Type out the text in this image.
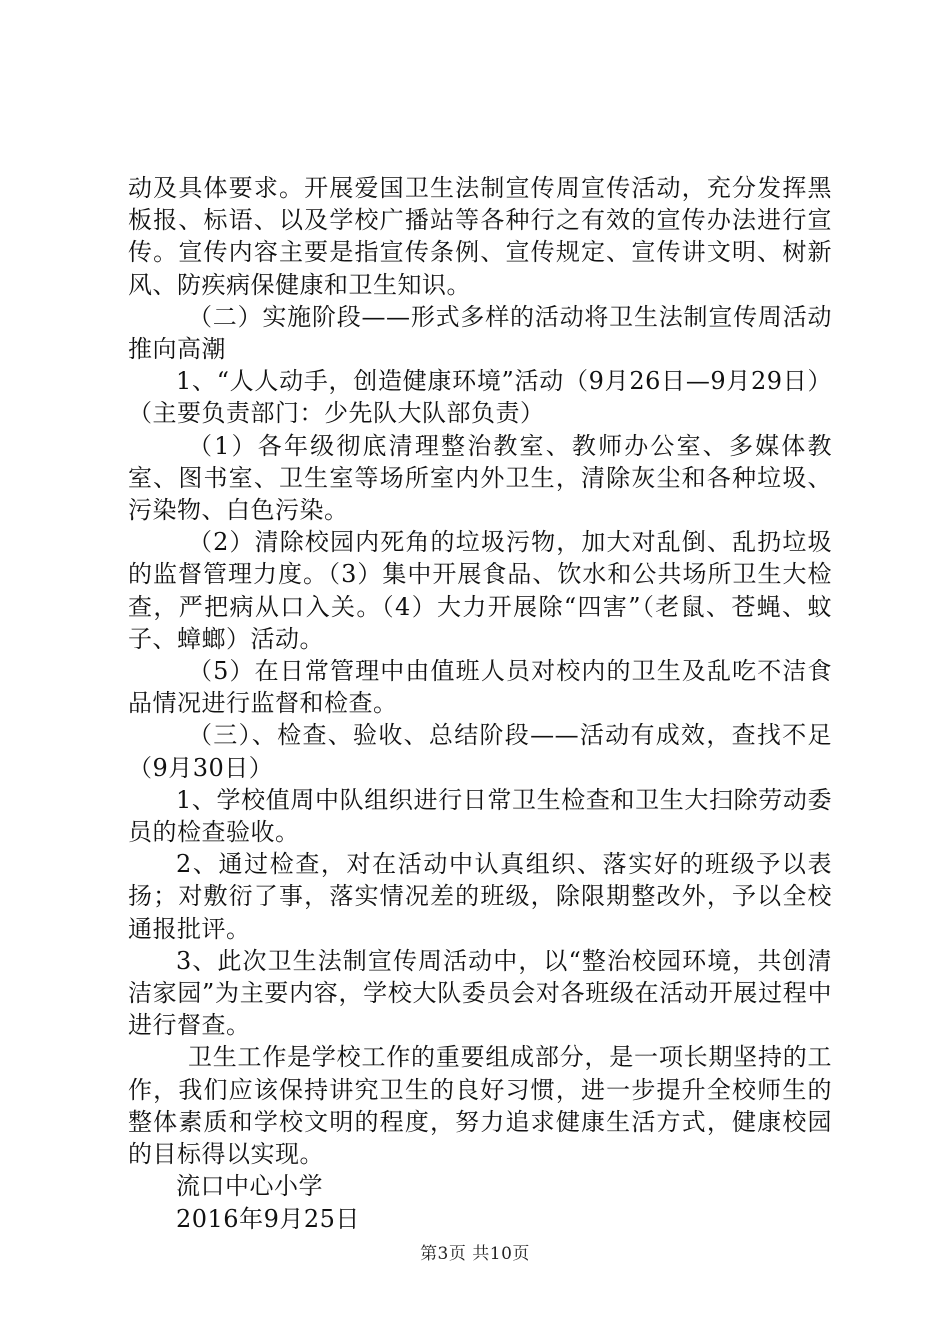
动及具体要求。开展爱国卫生法制宣传周宣传活动，充分发挥黑板报、标语、以及学校广播站等各种行之有效的宣传办法进行宣传。宣传内容主要是指宣传条例、宣传规定、宣传讲文明、树新风、防疾病保健康和卫生知识。

（二）实施阶段——形式多样的活动将卫生法制宣传周活动推向高潮

1、“人人动手，创造健康环境”活动（9月26日—9月29日）（主要负责部门：少先队大队部负责）

（1）各年级彻底清理整治教室、教师办公室、多媒体教室、图书室、卫生室等场所室内外卫生，清除灰尘和各种垃圾、污染物、白色污染。

（2）清除校园内死角的垃圾污物，加大对乱倒、乱扔垃圾的监督管理力度。（3）集中开展食品、饮水和公共场所卫生大检查，严把病从口入关。（4）大力开展除“四害”（老鼠、苍蝇、蚊子、蟑螂）活动。

（5）在日常管理中由值班人员对校内的卫生及乱吃不洁食品情况进行监督和检查。

（三）、检查、验收、总结阶段——活动有成效，查找不足（9月30日）

1、学校值周中队组织进行日常卫生检查和卫生大扫除劳动委员的检查验收。

2、通过检查，对在活动中认真组织、落实好的班级予以表扬；对敷衍了事，落实情况差的班级，除限期整改外，予以全校通报批评。

3、此次卫生法制宣传周活动中，以“整治校园环境，共创清洁家园”为主要内容，学校大队委员会对各班级在活动开展过程中进行督查。

卫生工作是学校工作的重要组成部分，是一项长期坚持的工作，我们应该保持讲究卫生的良好习惯，进一步提升全校师生的整体素质和学校文明的程度，努力追求健康生活方式，健康校园的目标得以实现。

流口中心小学

2016年9月25日

第3页 共10页
